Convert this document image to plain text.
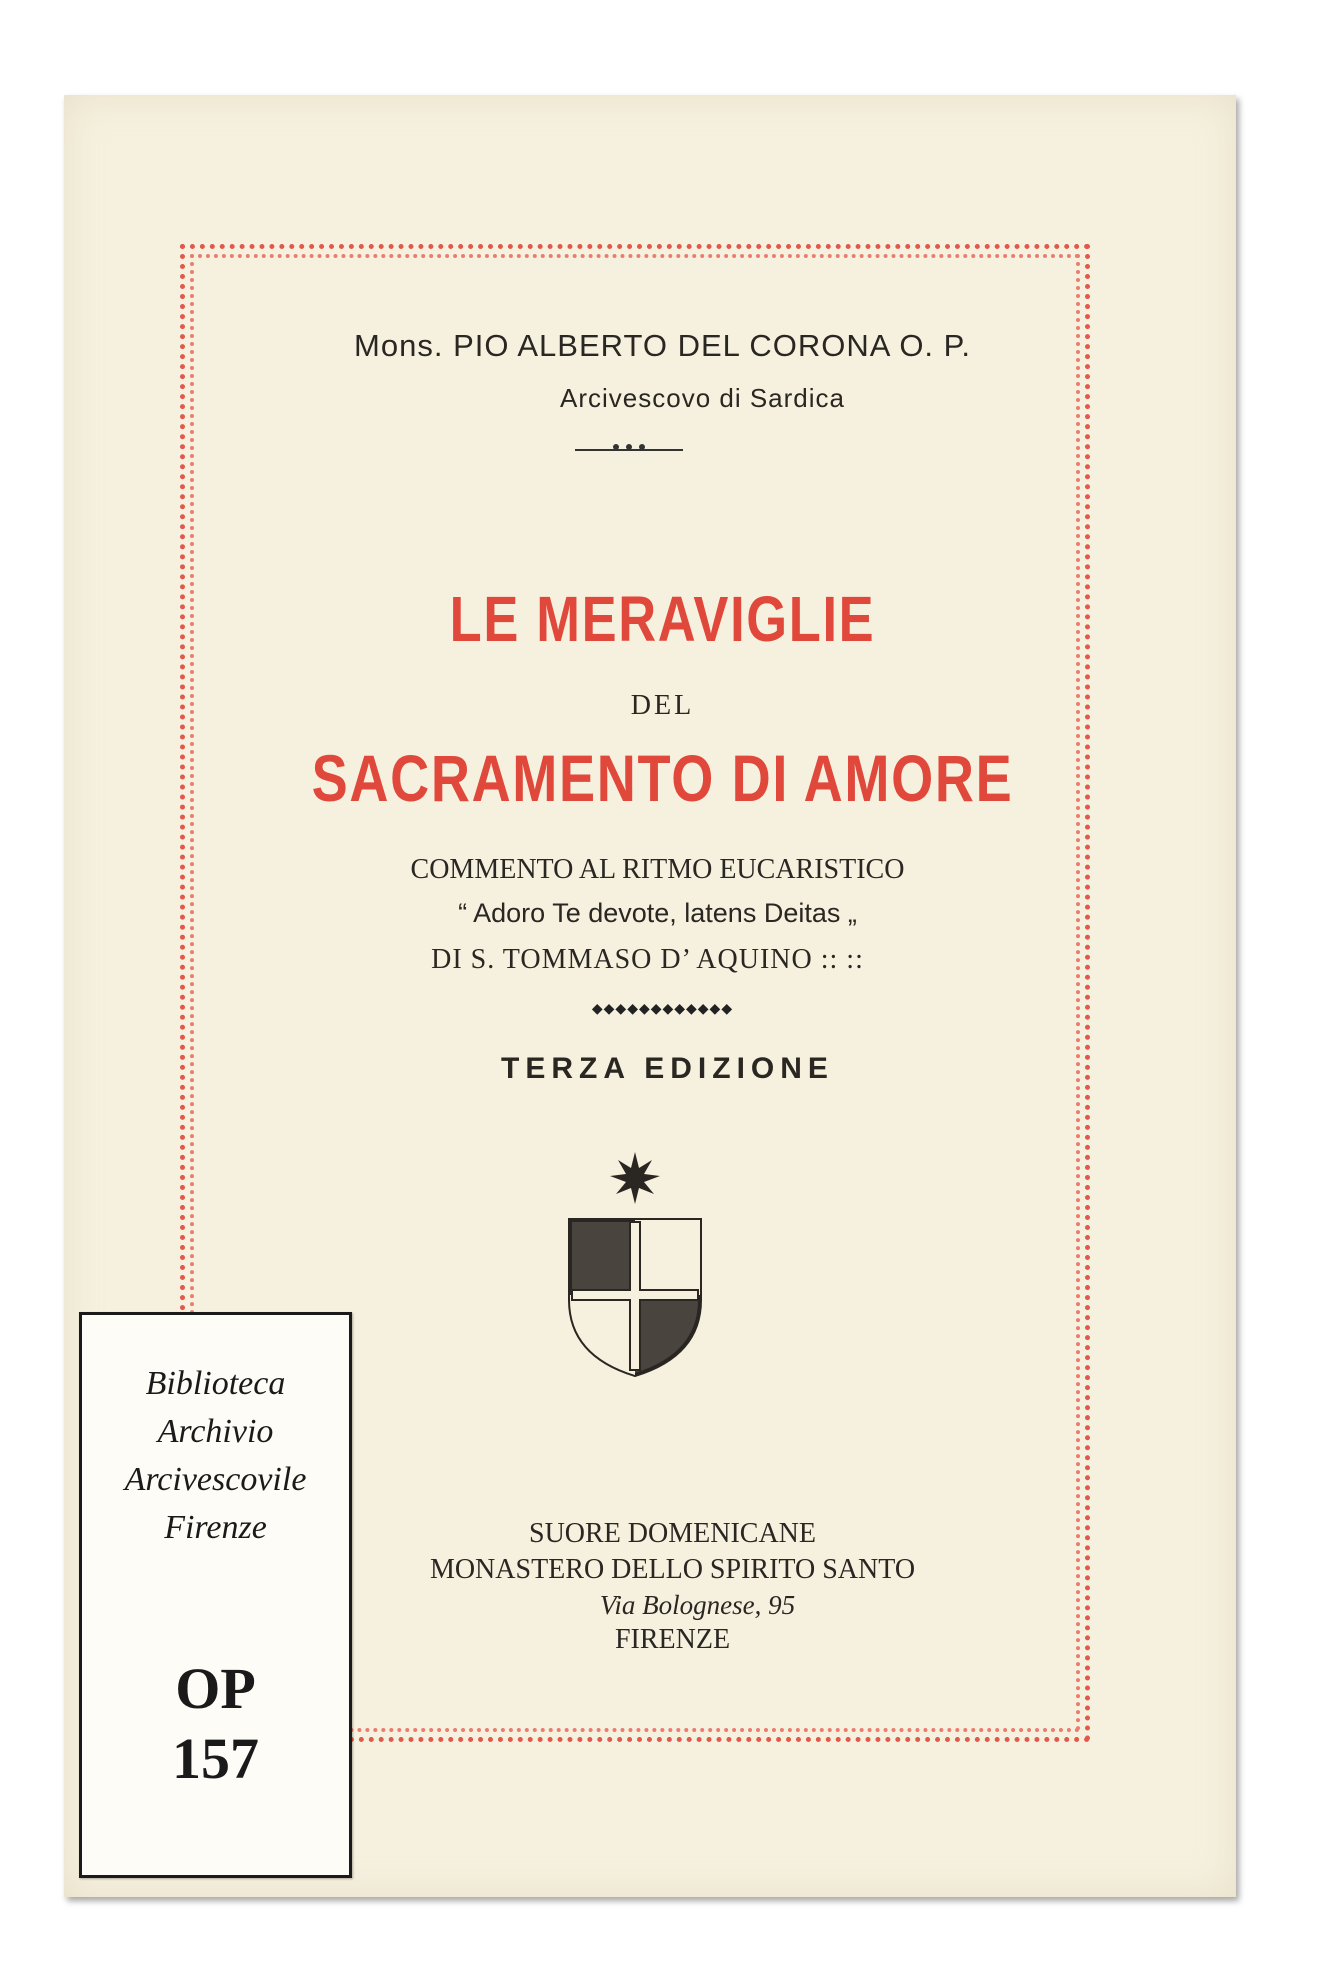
Mons. PIO ALBERTO DEL CORONA O. P.
Arcivescovo di Sardica
LE MERAVIGLIE
DEL
SACRAMENTO DI AMORE
COMMENTO AL RITMO EUCARISTICO
“ Adoro Te devote, latens Deitas „
DI S. TOMMASO D’ AQUINO :: ::
◆◆◆◆◆◆◆◆◆◆◆◆
TERZA EDIZIONE
SUORE DOMENICANE
MONASTERO DELLO SPIRITO SANTO
Via Bolognese, 95
FIRENZE
Biblioteca
Archivio
Arcivescovile
Firenze
OP
157
